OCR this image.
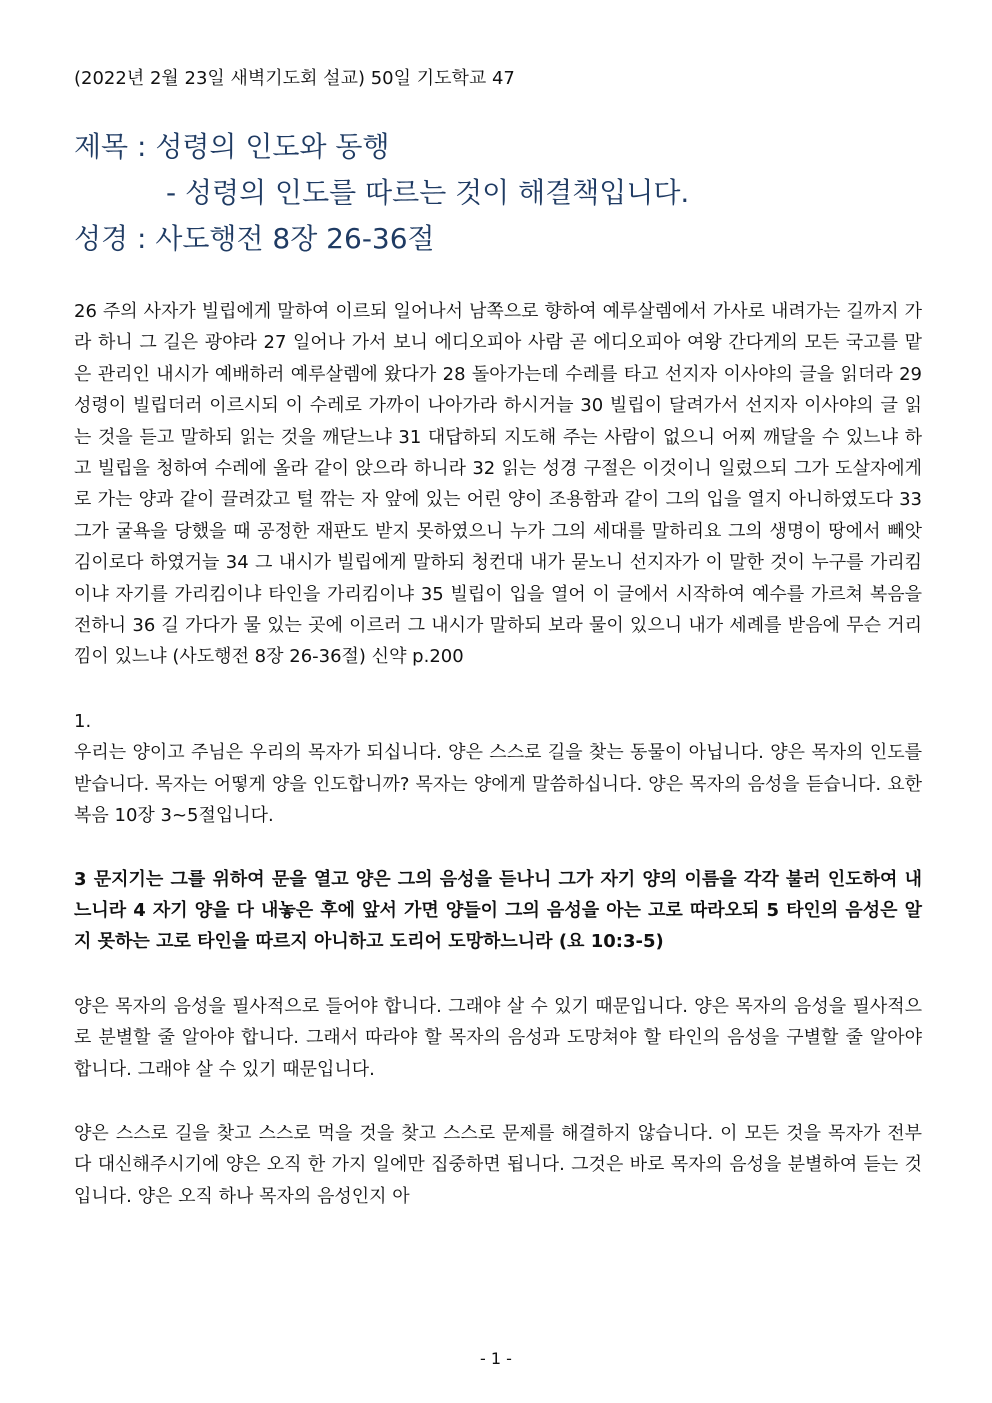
(2022년 2월 23일 새벽기도회 설교) 50일 기도학교 47

제목 : 성령의 인도와 동행
- 성령의 인도를 따르는 것이 해결책입니다.
성경 : 사도행전 8장 26-36절

26 주의 사자가 빌립에게 말하여 이르되 일어나서 남쪽으로 향하여 예루살렘에서 가사로 내려가는 길까지 가라 하니 그 길은 광야라 27 일어나 가서 보니 에디오피아 사람 곧 에디오피아 여왕 간다게의 모든 국고를 맡은 관리인 내시가 예배하러 예루살렘에 왔다가 28 돌아가는데 수레를 타고 선지자 이사야의 글을 읽더라 29 성령이 빌립더러 이르시되 이 수레로 가까이 나아가라 하시거늘 30 빌립이 달려가서 선지자 이사야의 글 읽는 것을 듣고 말하되 읽는 것을 깨닫느냐 31 대답하되 지도해 주는 사람이 없으니 어찌 깨달을 수 있느냐 하고 빌립을 청하여 수레에 올라 같이 앉으라 하니라 32 읽는 성경 구절은 이것이니 일렀으되 그가 도살자에게로 가는 양과 같이 끌려갔고 털 깎는 자 앞에 있는 어린 양이 조용함과 같이 그의 입을 열지 아니하였도다 33 그가 굴욕을 당했을 때 공정한 재판도 받지 못하였으니 누가 그의 세대를 말하리요 그의 생명이 땅에서 빼앗김이로다 하였거늘 34 그 내시가 빌립에게 말하되 청컨대 내가 묻노니 선지자가 이 말한 것이 누구를 가리킴이냐 자기를 가리킴이냐 타인을 가리킴이냐 35 빌립이 입을 열어 이 글에서 시작하여 예수를 가르쳐 복음을 전하니 36 길 가다가 물 있는 곳에 이르러 그 내시가 말하되 보라 물이 있으니 내가 세례를 받음에 무슨 거리낌이 있느냐 (사도행전 8장 26-36절) 신약 p.200

1.

우리는 양이고 주님은 우리의 목자가 되십니다. 양은 스스로 길을 찾는 동물이 아닙니다. 양은 목자의 인도를 받습니다. 목자는 어떻게 양을 인도합니까? 목자는 양에게 말씀하십니다. 양은 목자의 음성을 듣습니다. 요한복음 10장 3~5절입니다.

3 문지기는 그를 위하여 문을 열고 양은 그의 음성을 듣나니 그가 자기 양의 이름을 각각 불러 인도하여 내느니라 4 자기 양을 다 내놓은 후에 앞서 가면 양들이 그의 음성을 아는 고로 따라오되 5 타인의 음성은 알지 못하는 고로 타인을 따르지 아니하고 도리어 도망하느니라 (요 10:3-5)

양은 목자의 음성을 필사적으로 들어야 합니다. 그래야 살 수 있기 때문입니다. 양은 목자의 음성을 필사적으로 분별할 줄 알아야 합니다. 그래서 따라야 할 목자의 음성과 도망쳐야 할 타인의 음성을 구별할 줄 알아야 합니다. 그래야 살 수 있기 때문입니다.

양은 스스로 길을 찾고 스스로 먹을 것을 찾고 스스로 문제를 해결하지 않습니다. 이 모든 것을 목자가 전부 다 대신해주시기에 양은 오직 한 가지 일에만 집중하면 됩니다. 그것은 바로 목자의 음성을 분별하여 듣는 것입니다. 양은 오직 하나 목자의 음성인지 아

- 1 -
